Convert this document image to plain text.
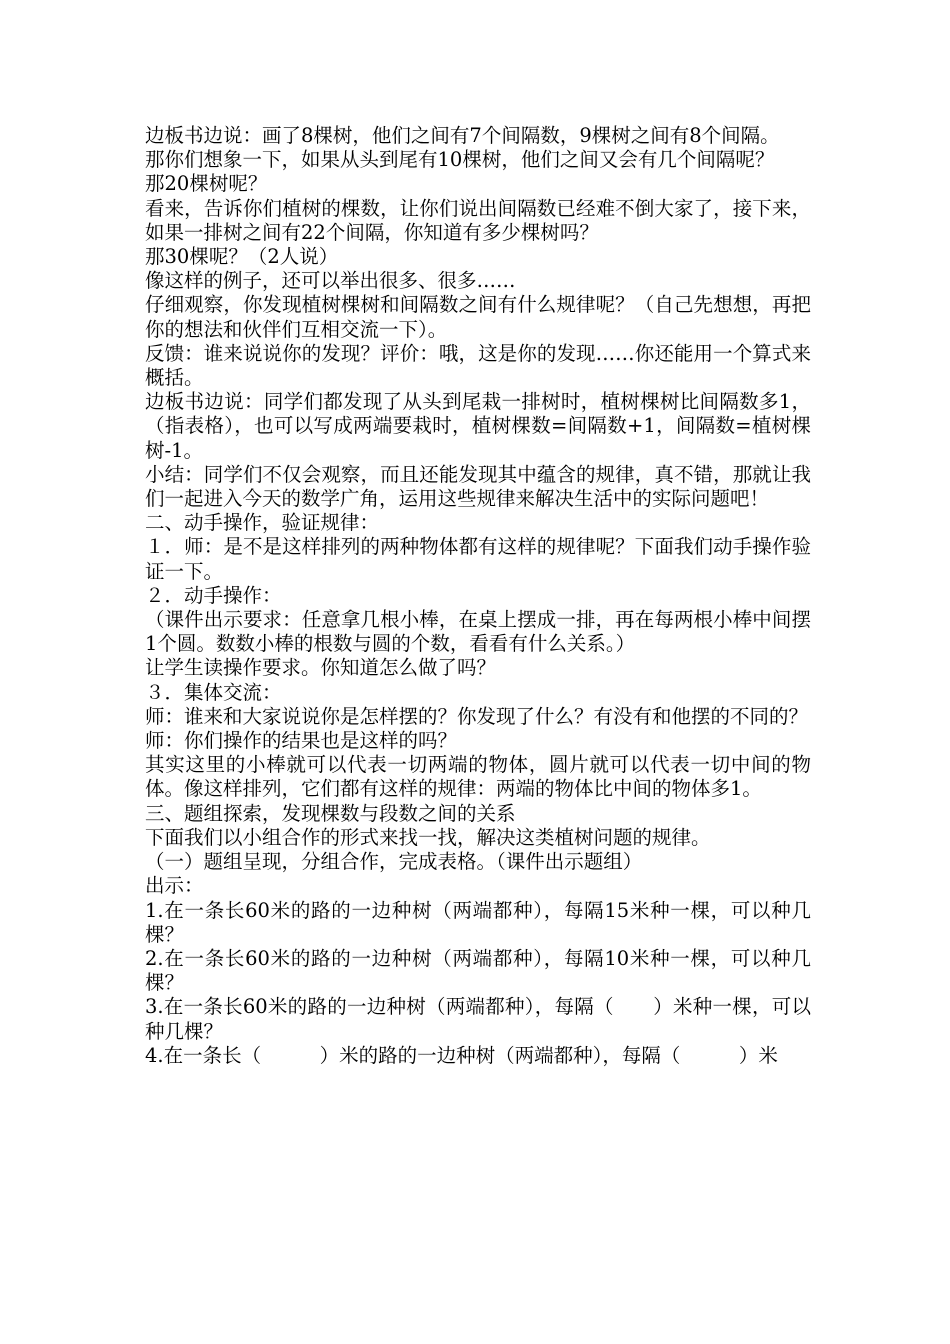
边板书边说：画了8棵树，他们之间有7个间隔数，9棵树之间有8个间隔。

那你们想象一下，如果从头到尾有10棵树，他们之间又会有几个间隔呢？

那20棵树呢？

看来，告诉你们植树的棵数，让你们说出间隔数已经难不倒大家了，接下来，如果一排树之间有22个间隔，你知道有多少棵树吗？

那30棵呢？（2人说）

像这样的例子，还可以举出很多、很多……

仔细观察，你发现植树棵树和间隔数之间有什么规律呢？（自己先想想，再把你的想法和伙伴们互相交流一下）。

反馈：谁来说说你的发现？评价：哦，这是你的发现……你还能用一个算式来概括。

边板书边说：同学们都发现了从头到尾栽一排树时，植树棵树比间隔数多1，（指表格），也可以写成两端要栽时，植树棵数=间隔数+1，间隔数=植树棵树-1。

小结：同学们不仅会观察，而且还能发现其中蕴含的规律，真不错，那就让我们一起进入今天的数学广角，运用这些规律来解决生活中的实际问题吧！

二、动手操作，验证规律：

１．师：是不是这样排列的两种物体都有这样的规律呢？下面我们动手操作验证一下。

２．动手操作：

（课件出示要求：任意拿几根小棒，在桌上摆成一排，再在每两根小棒中间摆1个圆。数数小棒的根数与圆的个数，看看有什么关系。）

让学生读操作要求。你知道怎么做了吗？

３．集体交流：

师：谁来和大家说说你是怎样摆的？你发现了什么？有没有和他摆的不同的？

师：你们操作的结果也是这样的吗？

其实这里的小棒就可以代表一切两端的物体，圆片就可以代表一切中间的物体。像这样排列，它们都有这样的规律：两端的物体比中间的物体多1。

三、题组探索，发现棵数与段数之间的关系

下面我们以小组合作的形式来找一找，解决这类植树问题的规律。

（一）题组呈现，分组合作，完成表格。（课件出示题组）

出示：

1.在一条长60米的路的一边种树（两端都种），每隔15米种一棵，可以种几棵？

2.在一条长60米的路的一边种树（两端都种），每隔10米种一棵，可以种几棵？

3.在一条长60米的路的一边种树（两端都种），每隔（　　）米种一棵，可以种几棵？

4.在一条长（　　　）米的路的一边种树（两端都种），每隔（　　　）米
